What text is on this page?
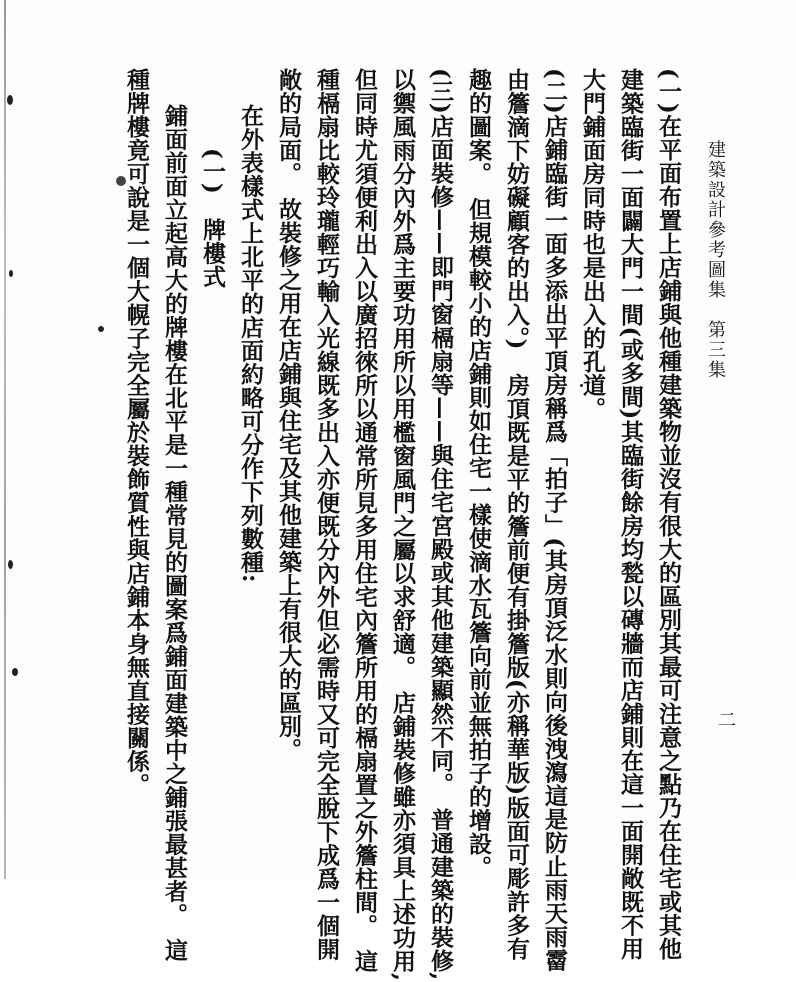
建築設計參考圖集　第三集
二
(一)在平面布置上店鋪與他種建築物並沒有很大的區別其最可注意之點乃在住宅或其他
建築臨街一面闢大門一間(或多間)其臨街餘房均甃以磚牆而店鋪則在這一面開敞既不用
大門鋪面房同時也是出入的孔道。
(二)店鋪臨街一面多添出平頂房稱爲「拍子」(其房頂泛水則向後洩瀉這是防止雨天雨霤
由簷滴下妨礙顧客的出入。)　房頂既是平的簷前便有掛簷版(亦稱華版)版面可彫許多有
趣的圖案。　但規模較小的店鋪則如住宅一樣使滴水瓦簷向前並無拍子的增設。
(三)店面裝修——即門窗槅扇等——與住宅宮殿或其他建築顯然不同。　普通建築的裝修,
以禦風雨分內外爲主要功用所以用檻窗風門之屬以求舒適。　店鋪裝修雖亦須具上述功用,
但同時尤須便利出入以廣招徠所以通常所見多用住宅內簷所用的槅扇置之外簷柱間。　這
種槅扇比較玲瓏輕巧輸入光線既多出入亦便既分內外但必需時又可完全脫下成爲一個開
敞的局面。　故裝修之用在店鋪與住宅及其他建築上有很大的區別。
在外表樣式上北平的店面約略可分作下列數種:
(一)　牌樓式
鋪面前面立起高大的牌樓在北平是一種常見的圖案爲鋪面建築中之鋪張最甚者。　這
種牌樓竟可說是一個大幌子完全屬於裝飾質性與店鋪本身無直接關係。
